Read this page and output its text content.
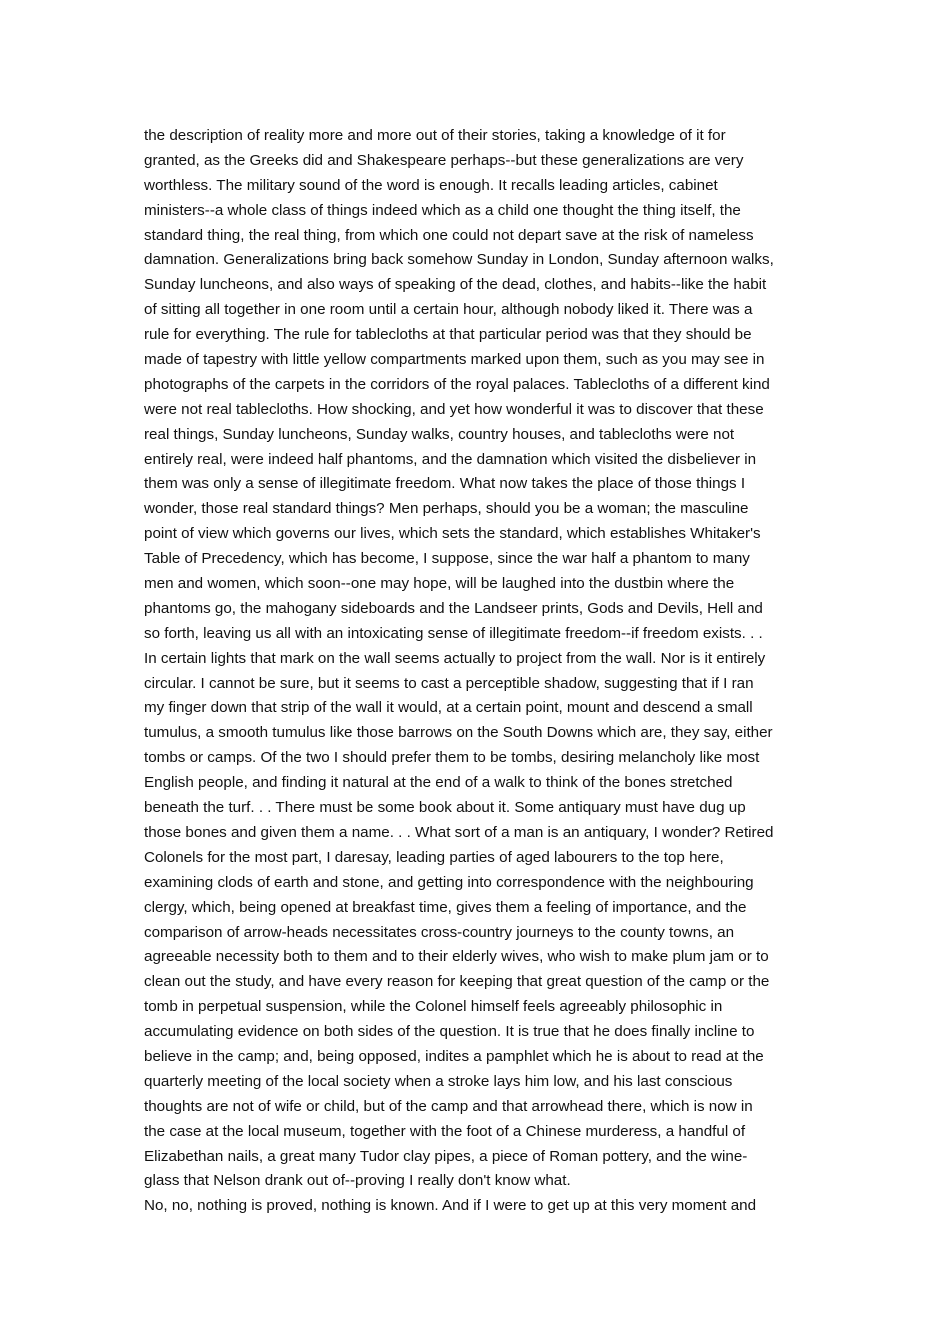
the description of reality more and more out of their stories, taking a knowledge of it for
granted, as the Greeks did and Shakespeare perhaps--but these generalizations are very
worthless. The military sound of the word is enough. It recalls leading articles, cabinet
ministers--a whole class of things indeed which as a child one thought the thing itself, the
standard thing, the real thing, from which one could not depart save at the risk of nameless
damnation. Generalizations bring back somehow Sunday in London, Sunday afternoon walks,
Sunday luncheons, and also ways of speaking of the dead, clothes, and habits--like the habit
of sitting all together in one room until a certain hour, although nobody liked it. There was a
rule for everything. The rule for tablecloths at that particular period was that they should be
made of tapestry with little yellow compartments marked upon them, such as you may see in
photographs of the carpets in the corridors of the royal palaces. Tablecloths of a different kind
were not real tablecloths. How shocking, and yet how wonderful it was to discover that these
real things, Sunday luncheons, Sunday walks, country houses, and tablecloths were not
entirely real, were indeed half phantoms, and the damnation which visited the disbeliever in
them was only a sense of illegitimate freedom. What now takes the place of those things I
wonder, those real standard things? Men perhaps, should you be a woman; the masculine
point of view which governs our lives, which sets the standard, which establishes Whitaker's
Table of Precedency, which has become, I suppose, since the war half a phantom to many
men and women, which soon--one may hope, will be laughed into the dustbin where the
phantoms go, the mahogany sideboards and the Landseer prints, Gods and Devils, Hell and
so forth, leaving us all with an intoxicating sense of illegitimate freedom--if freedom exists. . .
In certain lights that mark on the wall seems actually to project from the wall. Nor is it entirely
circular. I cannot be sure, but it seems to cast a perceptible shadow, suggesting that if I ran
my finger down that strip of the wall it would, at a certain point, mount and descend a small
tumulus, a smooth tumulus like those barrows on the South Downs which are, they say, either
tombs or camps. Of the two I should prefer them to be tombs, desiring melancholy like most
English people, and finding it natural at the end of a walk to think of the bones stretched
beneath the turf. . . There must be some book about it. Some antiquary must have dug up
those bones and given them a name. . . What sort of a man is an antiquary, I wonder? Retired
Colonels for the most part, I daresay, leading parties of aged labourers to the top here,
examining clods of earth and stone, and getting into correspondence with the neighbouring
clergy, which, being opened at breakfast time, gives them a feeling of importance, and the
comparison of arrow-heads necessitates cross-country journeys to the county towns, an
agreeable necessity both to them and to their elderly wives, who wish to make plum jam or to
clean out the study, and have every reason for keeping that great question of the camp or the
tomb in perpetual suspension, while the Colonel himself feels agreeably philosophic in
accumulating evidence on both sides of the question. It is true that he does finally incline to
believe in the camp; and, being opposed, indites a pamphlet which he is about to read at the
quarterly meeting of the local society when a stroke lays him low, and his last conscious
thoughts are not of wife or child, but of the camp and that arrowhead there, which is now in
the case at the local museum, together with the foot of a Chinese murderess, a handful of
Elizabethan nails, a great many Tudor clay pipes, a piece of Roman pottery, and the wine-
glass that Nelson drank out of--proving I really don't know what.
No, no, nothing is proved, nothing is known. And if I were to get up at this very moment and
